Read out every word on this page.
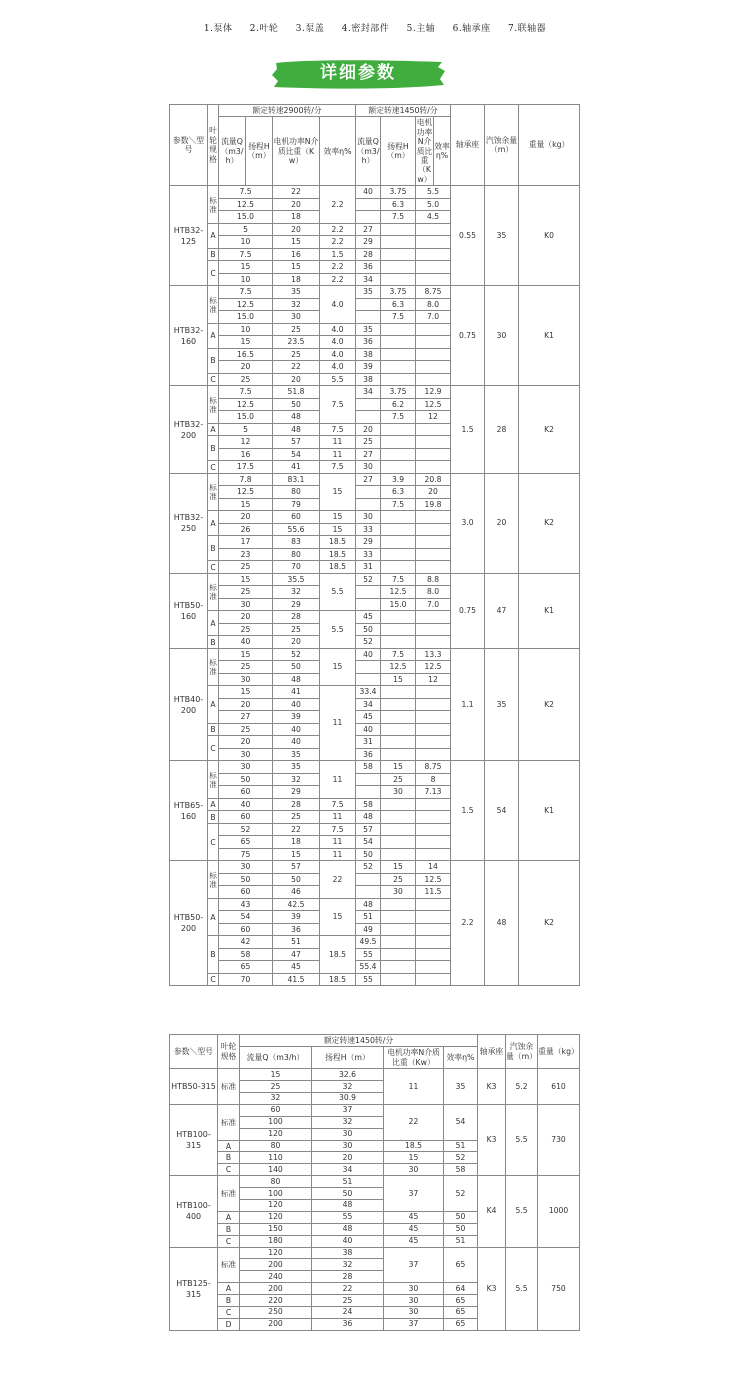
1.泵体 2.叶轮 3.泵盖 4.密封部件 5.主轴 6.轴承座 7.联轴器
详细参数
参数＼型号	叶轮规格	额定转速2900转/分				额定转速1450转/分				轴承座	汽蚀余量（m）	重量（kg）	
		流量Q（m3/h）	扬程H（m）	电机功率N介质比重（Kw）	效率η%	流量Q（m3/h）	扬程H（m）	电机功率N介质比重（Kw）	效率η%				
HTB32-125	标准	7.5		22	2.2	40	3.75	5.5		0.55	35	K0		
		12.5		20			6.3	5.0					
		15.0		18			7.5	4.5					
	A	5		20	2.2	27							
		10		15	2.2	29							
	B	7.5		16	1.5	28							
	C	15		15	2.2	36							
		10		18	2.2	34							
HTB32-160	标准	7.5		35	4.0	35	3.75	8.75		0.75	30	K1		
		12.5		32			6.3	8.0					
		15.0		30			7.5	7.0					
	A	10		25	4.0	35							
		15		23.5	4.0	36							
	B	16.5		25	4.0	38							
		20		22	4.0	39							
	C	25		20	5.5	38							
HTB32-200	标准	7.5		51.8	7.5	34	3.75	12.9		1.5	28	K2		
		12.5		50			6.2	12.5					
		15.0		48			7.5	12					
	A	5		48	7.5	20							
	B	12		57	11	25							
		16		54	11	27							
	C	17.5		41	7.5	30							
HTB32-250	标准	7.8		83.1	15	27	3.9	20.8		3.0	20	K2		
		12.5		80			6.3	20					
		15		79			7.5	19.8					
	A	20		60	15	30							
		26		55.6	15	33							
	B	17		83	18.5	29							
		23		80	18.5	33							
	C	25		70	18.5	31							
HTB50-160	标准	15		35.5	5.5	52	7.5	8.8		0.75	47	K1		
		25		32			12.5	8.0					
		30		29			15.0	7.0					
	A	20		28	5.5	45							
		25		25		50							
	B	40		20		52							
HTB40-200	标准	15		52	15	40	7.5	13.3		1.1	35	K2		
		25		50			12.5	12.5					
		30		48			15	12					
	A	15		41	11	33.4							
		20		40		34							
		27		39		45							
	B	25		40		40							
	C	20		40		31							
		30		35		36							
HTB65-160	标准	30		35	11	58	15	8.75		1.5	54	K1		
		50		32			25	8					
		60		29			30	7.13					
	A	40		28	7.5	58							
	B	60		25	11	48							
	C	52		22	7.5	57							
		65		18	11	54							
		75		15	11	50							
HTB50-200	标准	30		57	22	52	15	14		2.2	48	K2		
		50		50			25	12.5					
		60		46			30	11.5					
	A	43		42.5	15	48							
		54		39		51							
		60		36		49							
	B	42		51	18.5	49.5							
		58		47		55							
		65		45		55.4							
	C	70		41.5	18.5	55							
参数＼型号	叶轮规格	额定转速1450转/分				轴承座	汽蚀余量（m）	重量（kg）
		流量Q（m3/h）	扬程H（m）	电机功率N介质比重（Kw）	效率η%			
HTB50-315	标准	15	32.6	11	35	K3	5.2	610
		25	32					
		32	30.9					
HTB100-315	标准	60	37	22	54	K3	5.5	730
		100	32					
		120	30					
	A	80	30	18.5	51			
	B	110	20	15	52			
	C	140	34	30	58			
HTB100-400	标准	80	51	37	52	K4	5.5	1000
		100	50					
		120	48					
	A	120	55	45	50			
	B	150	48	45	50			
	C	180	40	45	51			
HTB125-315	标准	120	38	37	65	K3	5.5	750
		200	32					
		240	28					
	A	200	22	30	64			
	B	220	25	30	65			
	C	250	24	30	65			
	D	200	36	37	65			
